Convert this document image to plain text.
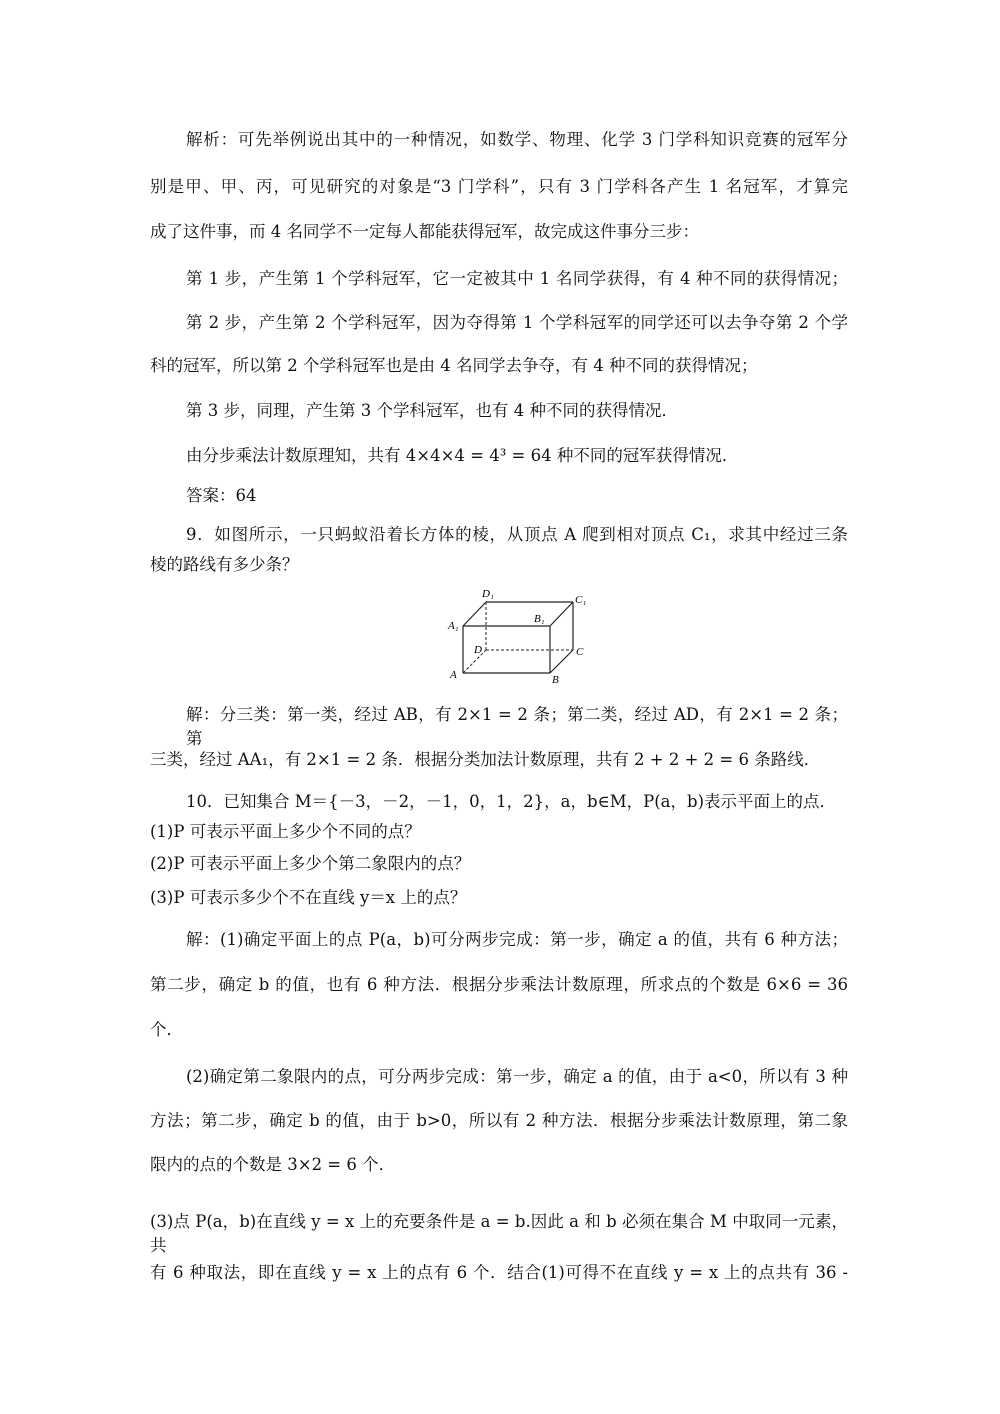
解析：可先举例说出其中的一种情况，如数学、物理、化学 3 门学科知识竞赛的冠军分
别是甲、甲、丙，可见研究的对象是“3 门学科”，只有 3 门学科各产生 1 名冠军，才算完
成了这件事，而 4 名同学不一定每人都能获得冠军，故完成这件事分三步：
第 1 步，产生第 1 个学科冠军，它一定被其中 1 名同学获得，有 4 种不同的获得情况；
第 2 步，产生第 2 个学科冠军，因为夺得第 1 个学科冠军的同学还可以去争夺第 2 个学
科的冠军，所以第 2 个学科冠军也是由 4 名同学去争夺，有 4 种不同的获得情况；
第 3 步，同理，产生第 3 个学科冠军，也有 4 种不同的获得情况．
由分步乘法计数原理知，共有 4×4×4 = 4³ = 64 种不同的冠军获得情况．
答案：64
9．如图所示，一只蚂蚁沿着长方体的棱，从顶点 A 爬到相对顶点 C₁，求其中经过三条
棱的路线有多少条？
解：分三类：第一类，经过 AB，有 2×1 = 2 条；第二类，经过 AD，有 2×1 = 2 条；第
三类，经过 AA₁，有 2×1 = 2 条．根据分类加法计数原理，共有 2 + 2 + 2 = 6 条路线．
10．已知集合 M＝{－3，－2，－1，0，1，2}，a，b∈M，P(a，b)表示平面上的点．
(1)P 可表示平面上多少个不同的点？
(2)P 可表示平面上多少个第二象限内的点？
(3)P 可表示多少个不在直线 y＝x 上的点？
解：(1)确定平面上的点 P(a，b)可分两步完成：第一步，确定 a 的值，共有 6 种方法；
第二步，确定 b 的值，也有 6 种方法．根据分步乘法计数原理，所求点的个数是 6×6 = 36
个．
(2)确定第二象限内的点，可分两步完成：第一步，确定 a 的值，由于 a<0，所以有 3 种
方法；第二步，确定 b 的值，由于 b>0，所以有 2 种方法．根据分步乘法计数原理，第二象
限内的点的个数是 3×2 = 6 个．
(3)点 P(a，b)在直线 y = x 上的充要条件是 a = b.因此 a 和 b 必须在集合 M 中取同一元素，共
有 6 种取法，即在直线 y = x 上的点有 6 个．结合(1)可得不在直线 y = x 上的点共有 36 -
A	B
C
D
A₁
B₁
C₁
D₁
